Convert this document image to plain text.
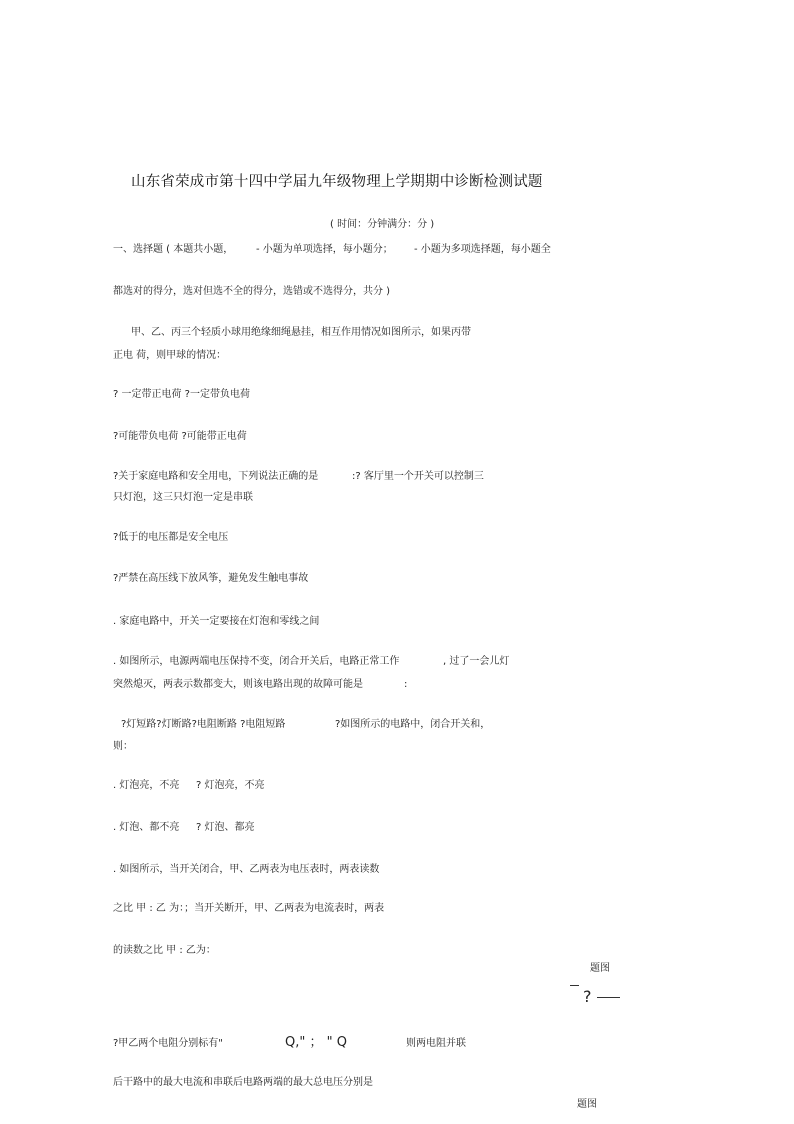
山东省荣成市第十四中学届九年级物理上学期期中诊断检测试题
( 时间：分钟满分：分 )
一、选择题 ( 本题共小题， - 小题为单项选择，每小题分； - 小题为多项选择题，每小题全
都选对的得分，选对但选不全的得分，选错或不选得分，共分 )
甲、乙、丙三个轻质小球用绝缘细绳悬挂，相互作用情况如图所示，如果丙带
正电 荷，则甲球的情况：
? 一定带正电荷 ?一定带负电荷
?可能带负电荷 ?可能带正电荷
?关于家庭电路和安全用电，下列说法正确的是	:? 客厅里一个开关可以控制三
只灯泡，这三只灯泡一定是串联
?低于的电压都是安全电压
?严禁在高压线下放风筝，避免发生触电事故
. 家庭电路中，开关一定要接在灯泡和零线之间
. 如图所示，电源两端电压保持不变，闭合开关后，电路正常工作	, 过了一会儿灯
突然熄灭，两表示数都变大，则该电路出现的故障可能是	:
?灯短路?灯断路?电阻断路 ?电阻短路	?如图所示的电路中，闭合开关和，
则：
. 灯泡亮，不亮 ? 灯泡亮，不亮
. 灯泡、都不亮 ? 灯泡、都亮
. 如图所示，当开关闭合，甲、乙两表为电压表时，两表读数
之比 甲 : 乙 为：；当开关断开，甲、乙两表为电流表时，两表
的读数之比 甲 : 乙为：
题图
?
?甲乙两个电阻分别标有"	Q," ； " Q	则两电阻并联
后干路中的最大电流和串联后电路两端的最大总电压分别是
题图
